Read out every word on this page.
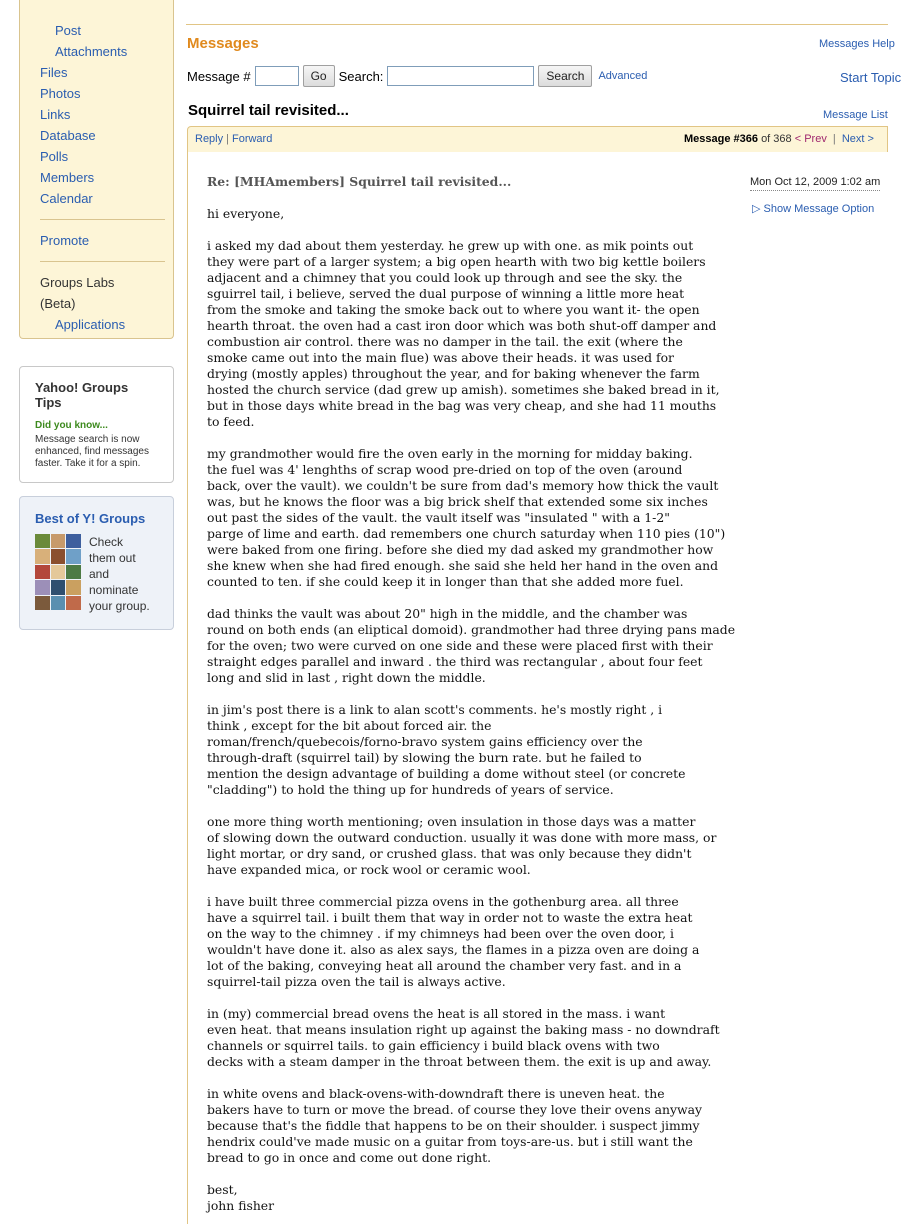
Post
Attachments
Files
Photos
Links
Database
Polls
Members
Calendar
Promote
Groups Labs
(Beta)
Applications
Yahoo! Groups Tips
Did you know...
Message search is now enhanced, find messages faster. Take it for a spin.
Best of Y! Groups
Check
them out
and
nominate
your group.
Messages	Messages Help
Message #	Go Search:	Search	Advanced	Start Topic
Squirrel tail revisited...	Message List
Reply | Forward	Message #366 of 368 < Prev | Next >
Mon Oct 12, 2009 1:02 am
▷ Show Message Option
Re: [MHAmembers] Squirrel tail revisited...
hi everyone,
i asked my dad about them yesterday. he grew up with one. as mik points out
they were part of a larger system; a big open hearth with two big kettle boilers
adjacent and a chimney that you could look up through and see the sky. the
sguirrel tail, i believe, served the dual purpose of winning a little more heat
from the smoke and taking the smoke back out to where you want it- the open
hearth throat. the oven had a cast iron door which was both shut-off damper and
combustion air control. there was no damper in the tail. the exit (where the
smoke came out into the main flue) was above their heads. it was used for
drying (mostly apples) throughout the year, and for baking whenever the farm
hosted the church service (dad grew up amish). sometimes she baked bread in it,
but in those days white bread in the bag was very cheap, and she had 11 mouths
to feed.
my grandmother would fire the oven early in the morning for midday baking.
the fuel was 4' lenghths of scrap wood pre-dried on top of the oven (around
back, over the vault). we couldn't be sure from dad's memory how thick the vault
was, but he knows the floor was a big brick shelf that extended some six inches
out past the sides of the vault. the vault itself was "insulated " with a 1-2"
parge of lime and earth. dad remembers one church saturday when 110 pies (10")
were baked from one firing. before she died my dad asked my grandmother how
she knew when she had fired enough. she said she held her hand in the oven and
counted to ten. if she could keep it in longer than that she added more fuel.
dad thinks the vault was about 20" high in the middle, and the chamber was
round on both ends (an eliptical domoid). grandmother had three drying pans made
for the oven; two were curved on one side and these were placed first with their
straight edges parallel and inward . the third was rectangular , about four feet
long and slid in last , right down the middle.
in jim's post there is a link to alan scott's comments. he's mostly right , i
think , except for the bit about forced air. the
roman/french/quebecois/forno-bravo system gains efficiency over the
through-draft (squirrel tail) by slowing the burn rate. but he failed to
mention the design advantage of building a dome without steel (or concrete
"cladding") to hold the thing up for hundreds of years of service.
one more thing worth mentioning; oven insulation in those days was a matter
of slowing down the outward conduction. usually it was done with more mass, or
light mortar, or dry sand, or crushed glass. that was only because they didn't
have expanded mica, or rock wool or ceramic wool.
i have built three commercial pizza ovens in the gothenburg area. all three
have a squirrel tail. i built them that way in order not to waste the extra heat
on the way to the chimney . if my chimneys had been over the oven door, i
wouldn't have done it. also as alex says, the flames in a pizza oven are doing a
lot of the baking, conveying heat all around the chamber very fast. and in a
squirrel-tail pizza oven the tail is always active.
in (my) commercial bread ovens the heat is all stored in the mass. i want
even heat. that means insulation right up against the baking mass - no downdraft
channels or squirrel tails. to gain efficiency i build black ovens with two
decks with a steam damper in the throat between them. the exit is up and away.
in white ovens and black-ovens-with-downdraft there is uneven heat. the
bakers have to turn or move the bread. of course they love their ovens anyway
because that's the fiddle that happens to be on their shoulder. i suspect jimmy
hendrix could've made music on a guitar from toys-are-us. but i still want the
bread to go in once and come out done right.
best,
john fisher
